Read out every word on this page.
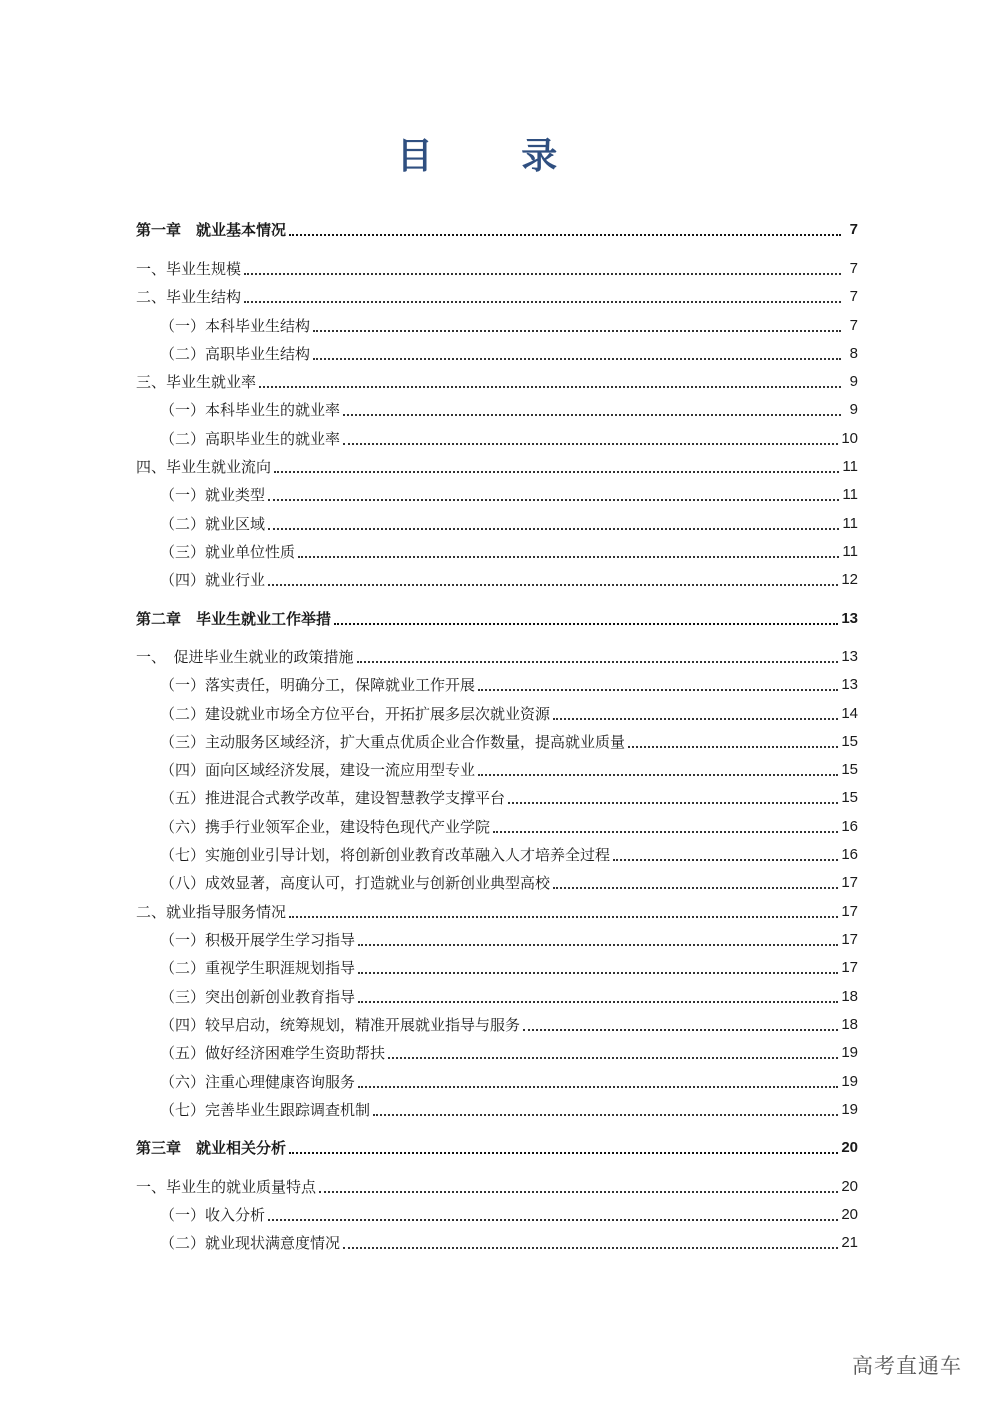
目 录
第一章　就业基本情况	7
一、毕业生规模	7
二、毕业生结构	7
（一）本科毕业生结构	7
（二）高职毕业生结构	8
三、毕业生就业率	9
（一）本科毕业生的就业率	9
（二）高职毕业生的就业率	10
四、毕业生就业流向	11
（一）就业类型	11
（二）就业区域	11
（三）就业单位性质	11
（四）就业行业	12
第二章　毕业生就业工作举措	13
一、　促进毕业生就业的政策措施	13
（一）落实责任，明确分工，保障就业工作开展	13
（二）建设就业市场全方位平台，开拓扩展多层次就业资源	14
（三）主动服务区域经济，扩大重点优质企业合作数量，提高就业质量	15
（四）面向区域经济发展，建设一流应用型专业	15
（五）推进混合式教学改革，建设智慧教学支撑平台	15
（六）携手行业领军企业，建设特色现代产业学院	16
（七）实施创业引导计划，将创新创业教育改革融入人才培养全过程	16
（八）成效显著，高度认可，打造就业与创新创业典型高校	17
二、就业指导服务情况	17
（一）积极开展学生学习指导	17
（二）重视学生职涯规划指导	17
（三）突出创新创业教育指导	18
（四）较早启动，统筹规划，精准开展就业指导与服务	18
（五）做好经济困难学生资助帮扶	19
（六）注重心理健康咨询服务	19
（七）完善毕业生跟踪调查机制	19
第三章　就业相关分析	20
一、毕业生的就业质量特点	20
（一）收入分析	20
（二）就业现状满意度情况	21
高考直通车
